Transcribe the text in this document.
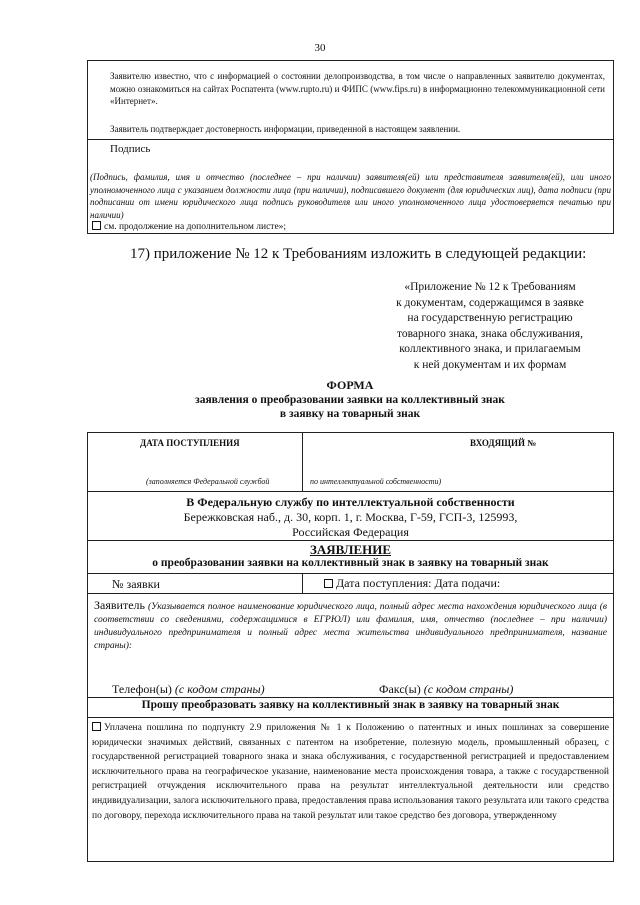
30
Заявителю известно, что с информацией о состоянии делопроизводства, в том числе о направленных заявителю документах, можно ознакомиться на сайтах Роспатента (www.rupto.ru) и ФИПС (www.fips.ru) в информационно телекоммуникационной сети «Интернет».
Заявитель подтверждает достоверность информации, приведенной в настоящем заявлении.
Подпись
(Подпись, фамилия, имя и отчество (последнее – при наличии) заявителя(ей) или представителя заявителя(ей), или иного уполномоченного лица с указанием должности лица (при наличии), подписавшего документ (для юридических лиц), дата подписи (при подписании от имени юридического лица подпись руководителя или иного уполномоченного лица удостоверяется печатью при наличии)
см. продолжение на дополнительном листе»;
17) приложение № 12 к Требованиям изложить в следующей редакции:
«Приложение № 12 к Требованиям
к документам, содержащимся в заявке
на государственную регистрацию
товарного знака, знака обслуживания,
коллективного знака, и прилагаемым
к ней документам и их формам
ФОРМА
заявления о преобразовании заявки на коллективный знак
в заявку на товарный знак
ДАТА ПОСТУПЛЕНИЯ	ВХОДЯЩИЙ №
(заполняется Федеральной службой	по интеллектуальной собственности)
В Федеральную службу по интеллектуальной собственности
Бережковская наб., д. 30, корп. 1, г. Москва, Г-59, ГСП-3, 125993,
Российская Федерация
ЗАЯВЛЕНИЕ
о преобразовании заявки на коллективный знак в заявку на товарный знак
№ заявки	Дата поступления: Дата подачи:
Заявитель (Указывается полное наименование юридического лица, полный адрес места нахождения юридического лица (в соответствии со сведениями, содержащимися в ЕГРЮЛ) или фамилия, имя, отчество (последнее – при наличии) индивидуального предпринимателя и полный адрес места жительства индивидуального предпринимателя, название страны):
Телефон(ы) (с кодом страны)	Факс(ы) (с кодом страны)
Прошу преобразовать заявку на коллективный знак в заявку на товарный знак
Уплачена пошлина по подпункту 2.9 приложения № 1 к Положению о патентных и иных пошлинах за совершение юридически значимых действий, связанных с патентом на изобретение, полезную модель, промышленный образец, с государственной регистрацией товарного знака и знака обслуживания, с государственной регистрацией и предоставлением исключительного права на географическое указание, наименование места происхождения товара, а также с государственной регистрацией отчуждения исключительного права на результат интеллектуальной деятельности или средство индивидуализации, залога исключительного права, предоставления права использования такого результата или такого средства по договору, перехода исключительного права на такой результат или такое средство без договора, утвержденному
